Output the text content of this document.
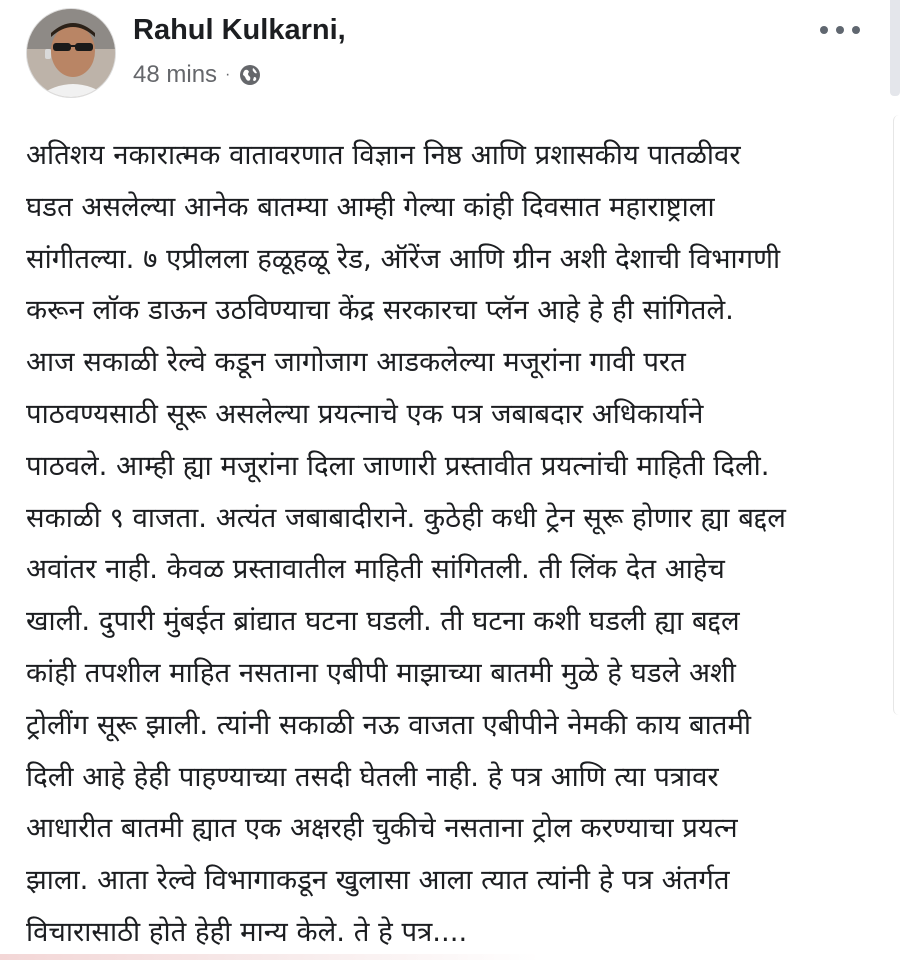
Rahul Kulkarni,
48 mins ·
अतिशय नकारात्मक वातावरणात विज्ञान निष्ठ आणि प्रशासकीय पातळीवर
घडत असलेल्या आनेक बातम्या आम्ही गेल्या कांही दिवसात महाराष्ट्राला
सांगीतल्या. ७ एप्रीलला हळूहळू रेड, ऑरेंज आणि ग्रीन अशी देशाची विभागणी
करून लॉक डाऊन उठविण्याचा केंद्र सरकारचा प्लॅन आहे हे ही सांगितले.
आज सकाळी रेल्वे कडून जागोजाग आडकलेल्या मजूरांना गावी परत
पाठवण्यसाठी सूरू असलेल्या प्रयत्नाचे एक पत्र जबाबदार अधिकार्याने
पाठवले. आम्ही ह्या मजूरांना दिला जाणारी प्रस्तावीत प्रयत्नांची माहिती दिली.
सकाळी ९ वाजता. अत्यंत जबाबादीराने. कुठेही कधी ट्रेन सूरू होणार ह्या बद्दल
अवांतर नाही. केवळ प्रस्तावातील माहिती सांगितली. ती लिंक देत आहेच
खाली. दुपारी मुंबईत ब्रांद्यात घटना घडली. ती घटना कशी घडली ह्या बद्दल
कांही तपशील माहित नसताना एबीपी माझाच्या बातमी मुळे हे घडले अशी
ट्रोलींग सूरू झाली. त्यांनी सकाळी नऊ वाजता एबीपीने नेमकी काय बातमी
दिली आहे हेही पाहण्याच्या तसदी घेतली नाही. हे पत्र आणि त्या पत्रावर
आधारीत बातमी ह्यात एक अक्षरही चुकीचे नसताना ट्रोल करण्याचा प्रयत्न
झाला. आता रेल्वे विभागाकडून खुलासा आला त्यात त्यांनी हे पत्र अंतर्गत
विचारासाठी होते हेही मान्य केले. ते हे पत्र....
